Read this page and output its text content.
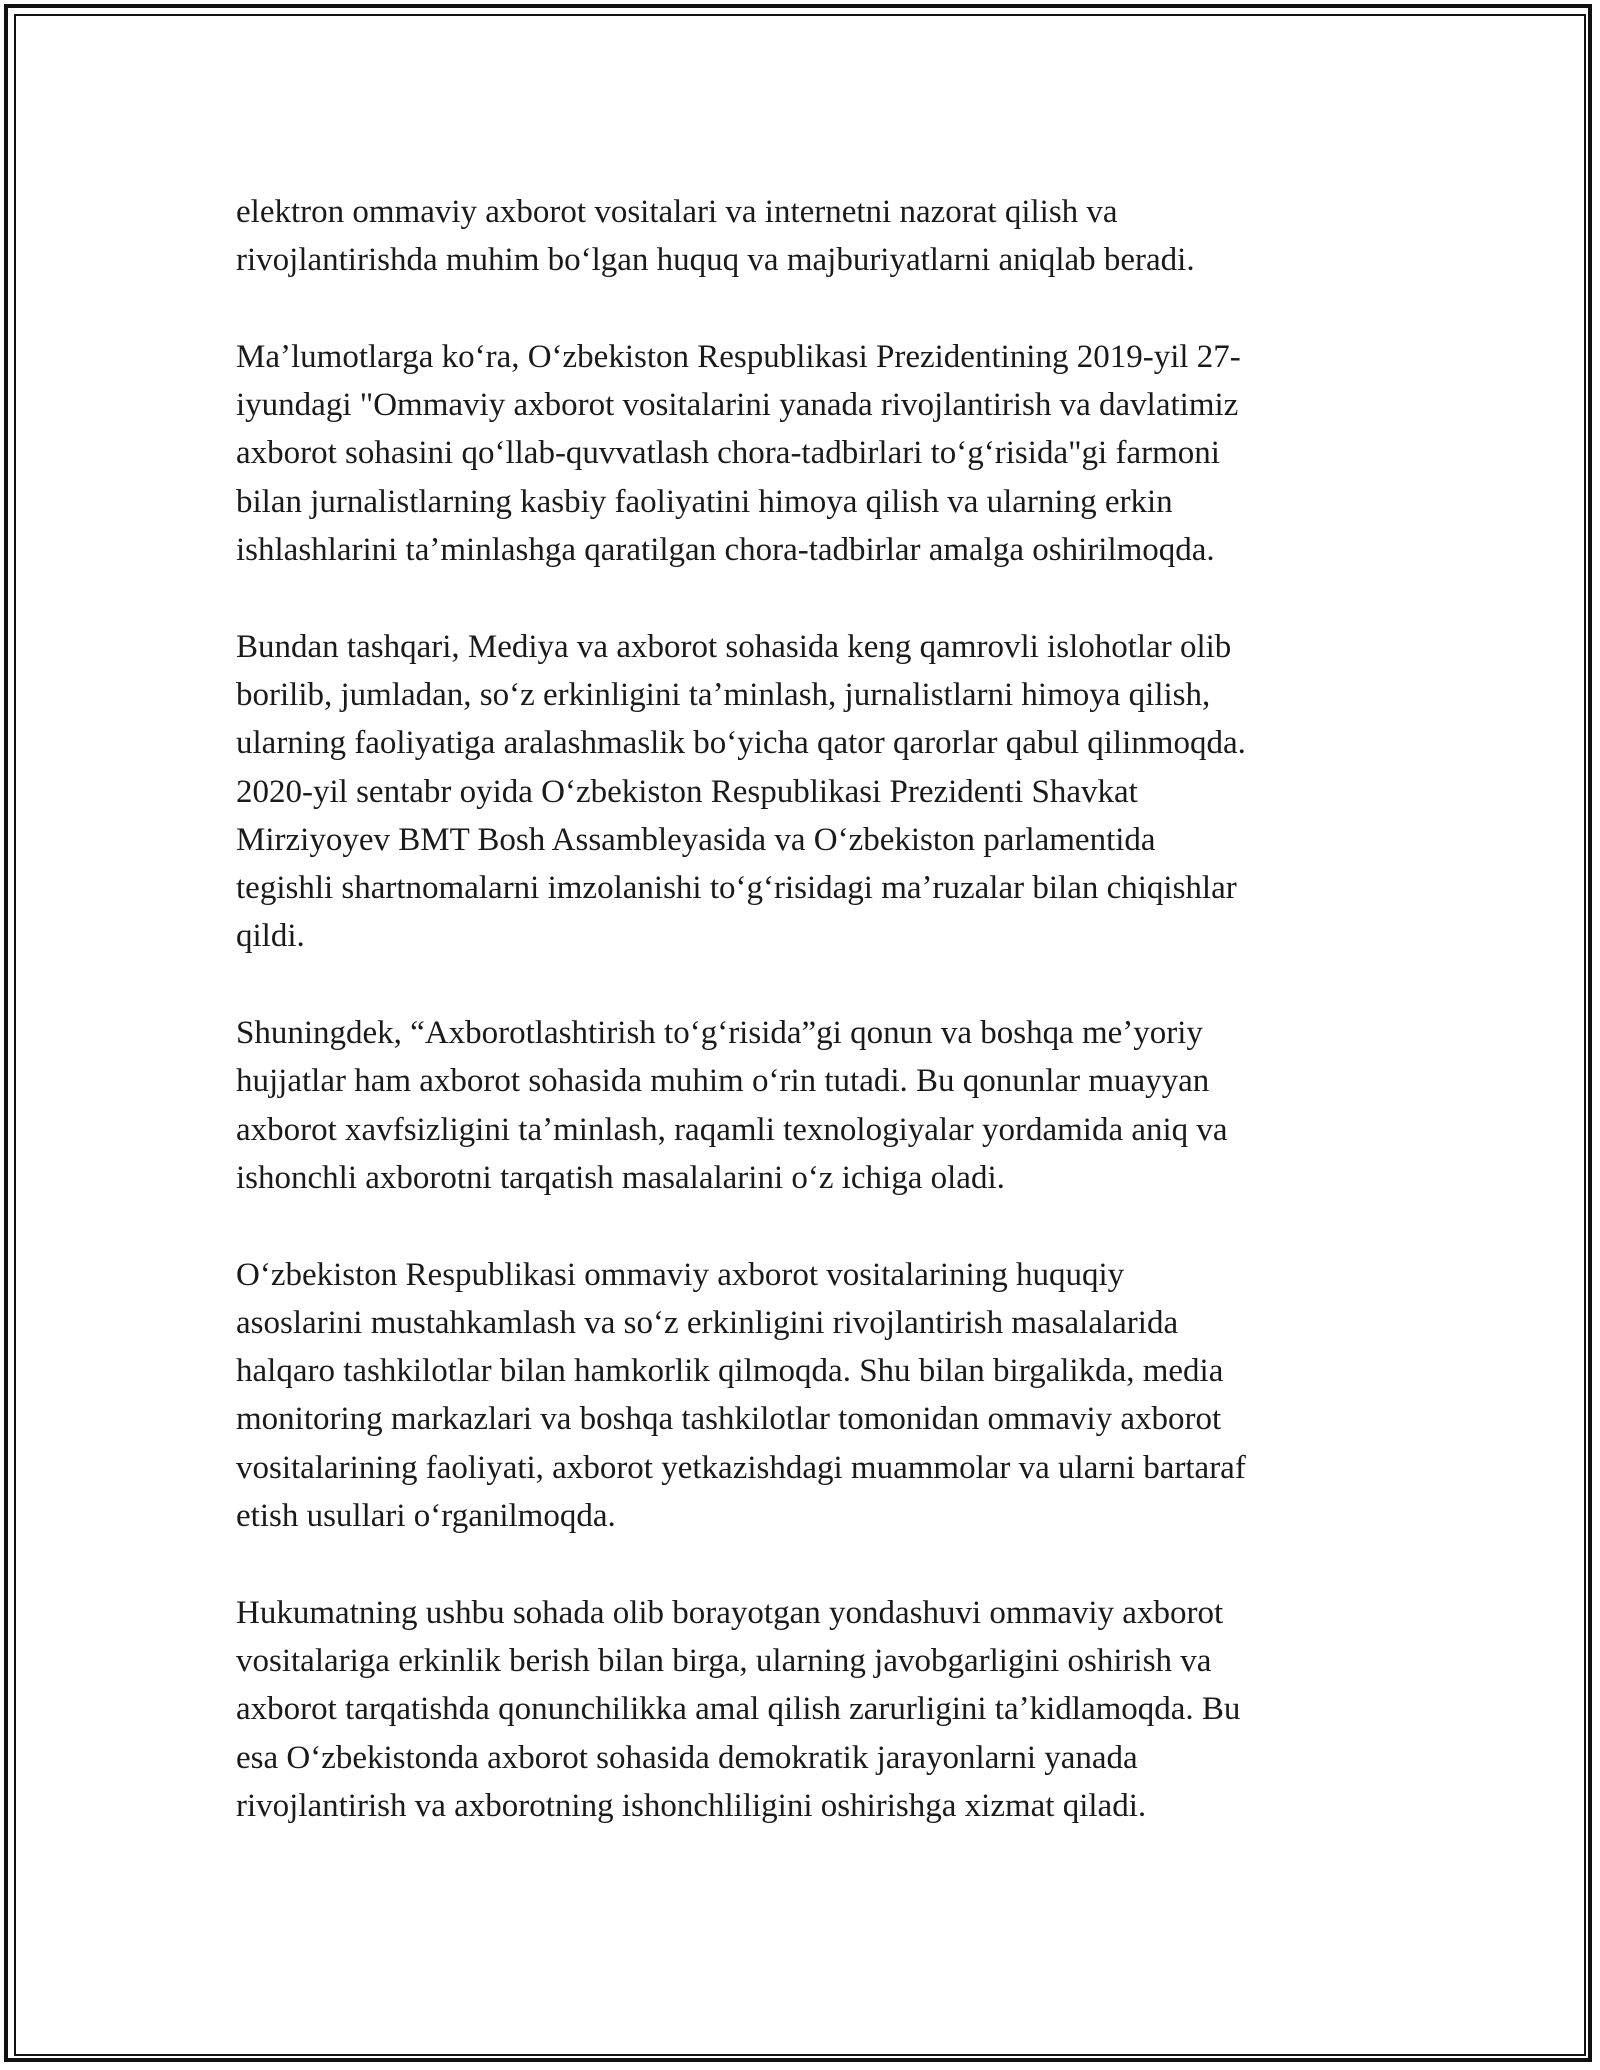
elektron ommaviy axborot vositalari va internetni nazorat qilish va
rivojlantirishda muhim boʻlgan huquq va majburiyatlarni aniqlab beradi.

Maʼlumotlarga koʻra, Oʻzbekiston Respublikasi Prezidentining 2019-yil 27-
iyundagi "Ommaviy axborot vositalarini yanada rivojlantirish va davlatimiz
axborot sohasini qoʻllab-quvvatlash chora-tadbirlari toʻgʻrisida"gi farmoni
bilan jurnalistlarning kasbiy faoliyatini himoya qilish va ularning erkin
ishlashlarini taʼminlashga qaratilgan chora-tadbirlar amalga oshirilmoqda.

Bundan tashqari, Mediya va axborot sohasida keng qamrovli islohotlar olib
borilib, jumladan, soʻz erkinligini taʼminlash, jurnalistlarni himoya qilish,
ularning faoliyatiga aralashmaslik boʻyicha qator qarorlar qabul qilinmoqda.
2020-yil sentabr oyida Oʻzbekiston Respublikasi Prezidenti Shavkat
Mirziyoyev BMT Bosh Assambleyasida va Oʻzbekiston parlamentida
tegishli shartnomalarni imzolanishi toʻgʻrisidagi maʼruzalar bilan chiqishlar
qildi.

Shuningdek, “Axborotlashtirish toʻgʻrisida”gi qonun va boshqa meʼyoriy
hujjatlar ham axborot sohasida muhim oʻrin tutadi. Bu qonunlar muayyan
axborot xavfsizligini taʼminlash, raqamli texnologiyalar yordamida aniq va
ishonchli axborotni tarqatish masalalarini oʻz ichiga oladi.

Oʻzbekiston Respublikasi ommaviy axborot vositalarining huquqiy
asoslarini mustahkamlash va soʻz erkinligini rivojlantirish masalalarida
halqaro tashkilotlar bilan hamkorlik qilmoqda. Shu bilan birgalikda, media
monitoring markazlari va boshqa tashkilotlar tomonidan ommaviy axborot
vositalarining faoliyati, axborot yetkazishdagi muammolar va ularni bartaraf
etish usullari oʻrganilmoqda.

Hukumatning ushbu sohada olib borayotgan yondashuvi ommaviy axborot
vositalariga erkinlik berish bilan birga, ularning javobgarligini oshirish va
axborot tarqatishda qonunchilikka amal qilish zarurligini taʼkidlamoqda. Bu
esa Oʻzbekistonda axborot sohasida demokratik jarayonlarni yanada
rivojlantirish va axborotning ishonchliligini oshirishga xizmat qiladi.
